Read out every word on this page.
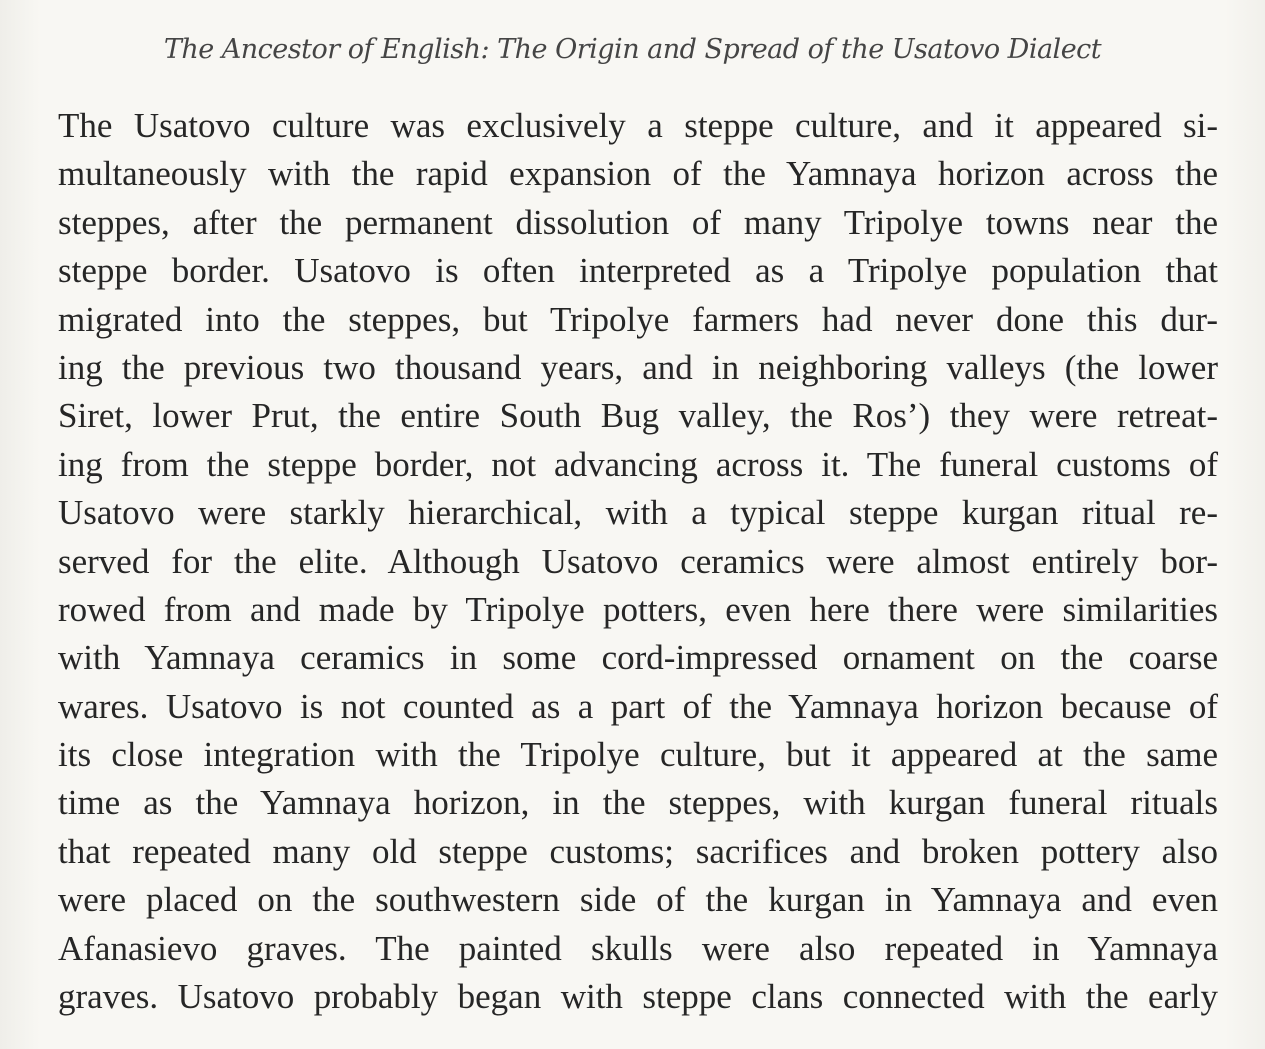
The Ancestor of English: The Origin and Spread of the Usatovo Dialect
The Usatovo culture was exclusively a steppe culture, and it appeared si-
multaneously with the rapid expansion of the Yamnaya horizon across the
steppes, after the permanent dissolution of many Tripolye towns near the
steppe border. Usatovo is often interpreted as a Tripolye population that
migrated into the steppes, but Tripolye farmers had never done this dur-
ing the previous two thousand years, and in neighboring valleys (the lower
Siret, lower Prut, the entire South Bug valley, the Ros’) they were retreat-
ing from the steppe border, not advancing across it. The funeral customs of
Usatovo were starkly hierarchical, with a typical steppe kurgan ritual re-
served for the elite. Although Usatovo ceramics were almost entirely bor-
rowed from and made by Tripolye potters, even here there were similarities
with Yamnaya ceramics in some cord-impressed ornament on the coarse
wares. Usatovo is not counted as a part of the Yamnaya horizon because of
its close integration with the Tripolye culture, but it appeared at the same
time as the Yamnaya horizon, in the steppes, with kurgan funeral rituals
that repeated many old steppe customs; sacrifices and broken pottery also
were placed on the southwestern side of the kurgan in Yamnaya and even
Afanasievo graves. The painted skulls were also repeated in Yamnaya
graves. Usatovo probably began with steppe clans connected with the early
